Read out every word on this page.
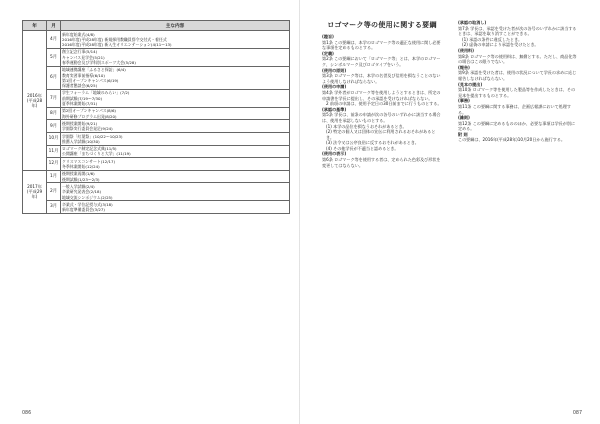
年	月	主な内容
2016年
(平成28年)	4月	新年度始業式(4/8)
2016年度(平成28年度) 新規採用教職員辞令交付式・着任式
2016年度(平成28年度) 新入生オリエンテーション(4/11～13)

	5月	創立記念行事(5/14)
キャンパス見学会(5/21)
春季運動会及び学科別スポーツ大会(5/28)

	6月	地域連携講座「ふるさと探訪」(6/4)
教育実習事前指導(6/10)
第1回オープンキャンパス(6/19)
保護者懇談会(6/25)

	7月	学生フォーラム「地域のみらい」(7/2)
前期試験(7/19～7/30)
夏季休業開始(7/31)

	8月	第2回オープンキャンパス(8/6)
海外研修プログラム出発(8/20)

	9月	後期授業開始(9/21)
学園祭実行委員会発足(9/24)

	10月	学園祭「紅葉祭」(10/22～10/23)
推薦入学試験(10/30)

	11月	ロゴマーク制定記念式典(11/5)
公開講座「まちづくりと大学」(11/19)

	12月	クリスマスコンサート(12/17)
冬季休業開始(12/24)

2017年
(平成29年)	1月	後期授業再開(1/6)
後期試験(1/23～2/3)

	2月	一般入学試験(2/4)
卒業研究発表会(2/18)
地域交流シンポジウム(2/25)

	3月	卒業式・学位記授与式(3/18)
新年度準備委員会(3/27)
086
ロゴマーク等の使用に関する要綱

(趣旨)

第1条 この要綱は、本学のロゴマーク等の適正な使用に関し必要な事項を定めるものとする。

(定義)

第2条 この要綱において「ロゴマーク等」とは、本学のロゴマーク、シンボルマーク及びロゴタイプをいう。

(使用の原則)

第3条 ロゴマーク等は、本学の名誉及び信用を損なうことのないよう使用しなければならない。

(使用の申請)

第4条 学外者がロゴマーク等を使用しようとするときは、所定の申請書を学長に提出し、その承認を受けなければならない。

2 前項の申請は、使用予定日の30日前までに行うものとする。

(承認の基準)

第5条 学長は、前条の申請が次の各号のいずれかに該当する場合は、使用を承認しないものとする。

(1) 本学の品位を損なうおそれがあるとき。

(2) 特定の個人又は団体の宣伝に利用されるおそれがあるとき。

(3) 法令又は公序良俗に反するおそれがあるとき。

(4) その他学長が不適当と認めるとき。

(使用の表示)

第6条 ロゴマーク等を使用する者は、定められた色彩及び形状を変更してはならない。

(承認の取消し)

第7条 学長は、承認を受けた者が次の各号のいずれかに該当するときは、承認を取り消すことができる。

(1) 承認の条件に違反したとき。

(2) 虚偽の申請により承認を受けたとき。

(使用料)

第8条 ロゴマーク等の使用料は、無償とする。ただし、商品化等の場合はこの限りでない。

(報告)

第9条 承認を受けた者は、使用の状況について学長の求めに応じ報告しなければならない。

(見本の提出)

第10条 ロゴマーク等を使用した製品等を作成したときは、その見本を提出するものとする。

(事務)

第11条 この要綱に関する事務は、企画広報課において処理する。

(雑則)

第12条 この要綱に定めるもののほか、必要な事項は学長が別に定める。

附 則

この要綱は、2016年(平成28年)10月20日から施行する。

087
